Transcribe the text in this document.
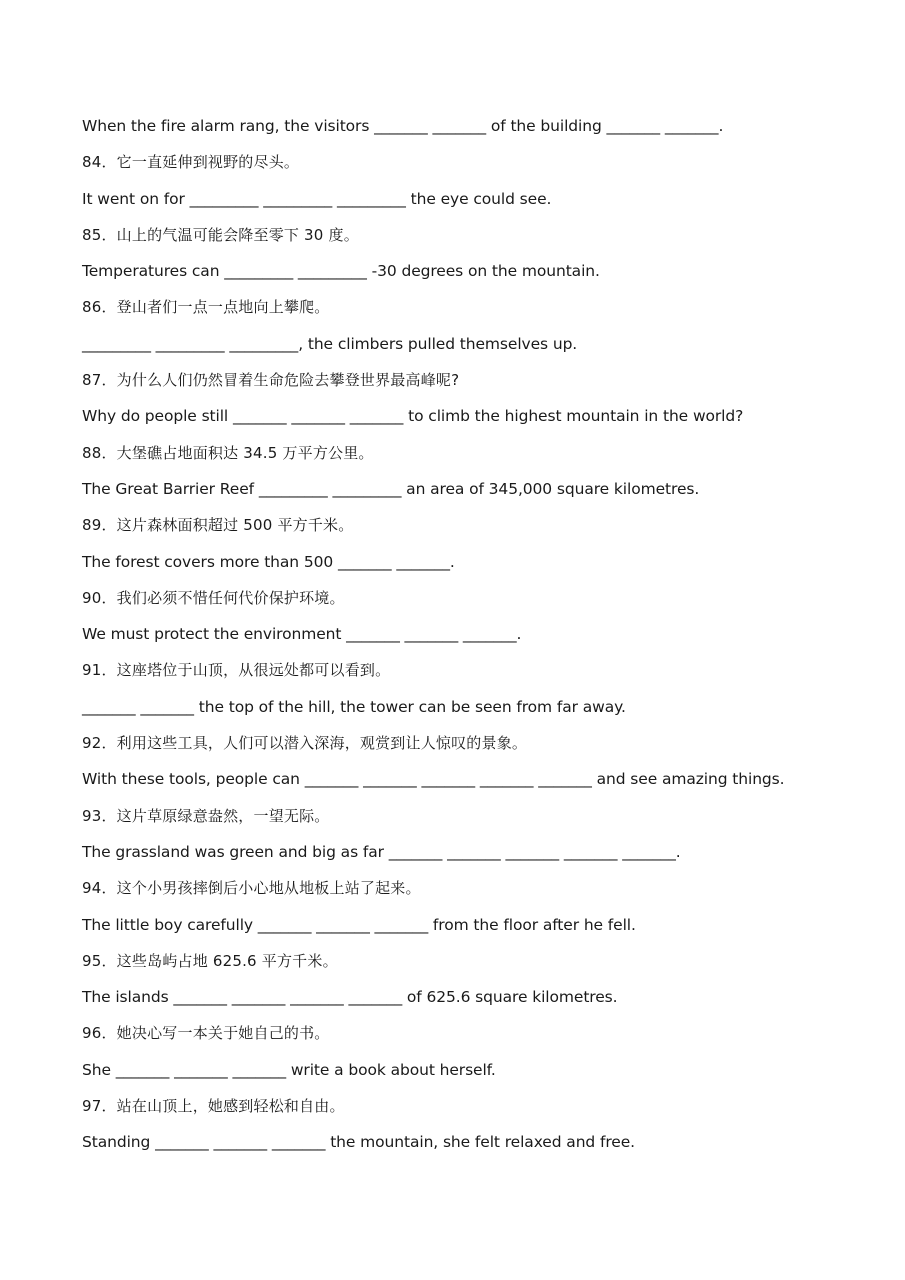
When the fire alarm rang, the visitors _______ _______ of the building _______ _______.
84．它一直延伸到视野的尽头。
It went on for _________ _________ _________ the eye could see.
85．山上的气温可能会降至零下 30 度。
Temperatures can _________ _________ -30 degrees on the mountain.
86．登山者们一点一点地向上攀爬。
_________ _________ _________, the climbers pulled themselves up.
87．为什么人们仍然冒着生命危险去攀登世界最高峰呢?
Why do people still _______ _______ _______ to climb the highest mountain in the world?
88．大堡礁占地面积达 34.5 万平方公里。
The Great Barrier Reef _________ _________ an area of 345,000 square kilometres.
89．这片森林面积超过 500 平方千米。
The forest covers more than 500 _______ _______.
90．我们必须不惜任何代价保护环境。
We must protect the environment _______ _______ _______.
91．这座塔位于山顶，从很远处都可以看到。
_______ _______ the top of the hill, the tower can be seen from far away.
92．利用这些工具，人们可以潜入深海，观赏到让人惊叹的景象。
With these tools, people can _______ _______ _______ _______ _______ and see amazing things.
93．这片草原绿意盎然，一望无际。
The grassland was green and big as far _______ _______ _______ _______ _______.
94．这个小男孩摔倒后小心地从地板上站了起来。
The little boy carefully _______ _______ _______ from the floor after he fell.
95．这些岛屿占地 625.6 平方千米。
The islands _______ _______ _______ _______ of 625.6 square kilometres.
96．她决心写一本关于她自己的书。
She _______ _______ _______ write a book about herself.
97．站在山顶上，她感到轻松和自由。
Standing _______ _______ _______ the mountain, she felt relaxed and free.
